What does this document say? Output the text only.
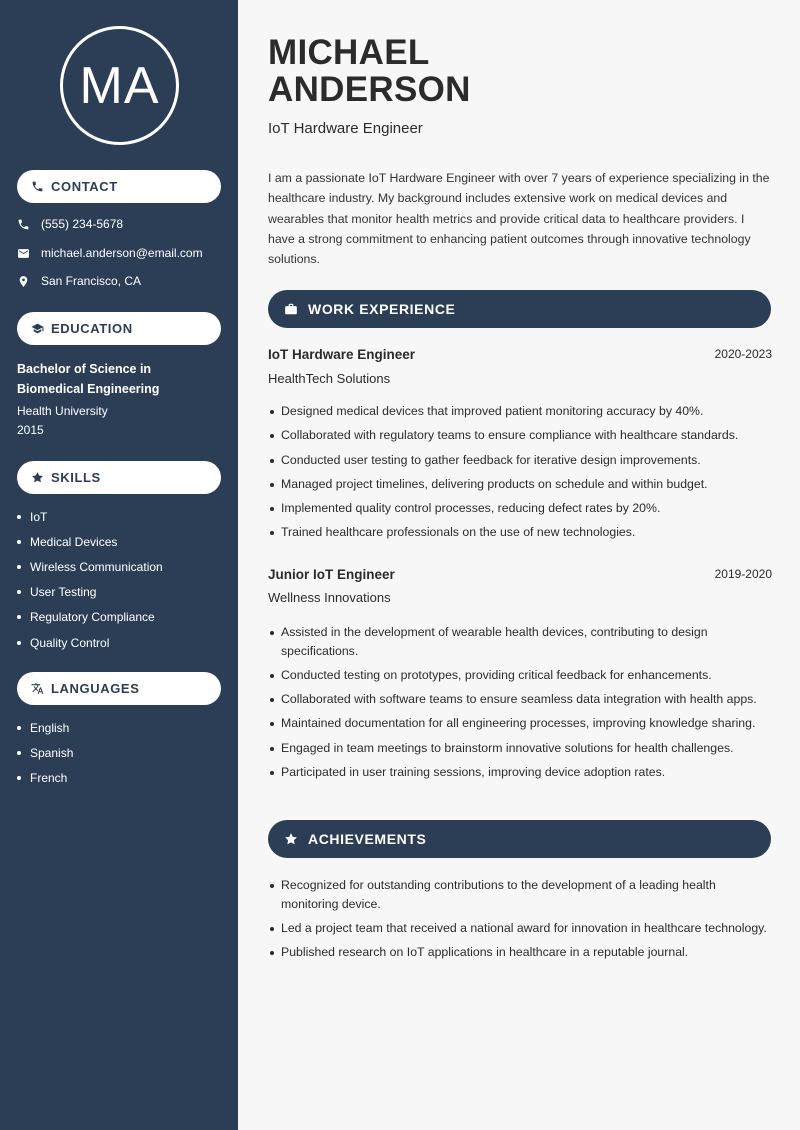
MA
CONTACT
(555) 234-5678
michael.anderson@email.com
San Francisco, CA
EDUCATION
Bachelor of Science in Biomedical Engineering
Health University
2015
SKILLS
IoT
Medical Devices
Wireless Communication
User Testing
Regulatory Compliance
Quality Control
LANGUAGES
English
Spanish
French
MICHAEL
ANDERSON
IoT Hardware Engineer

I am a passionate IoT Hardware Engineer with over 7 years of experience specializing in the healthcare industry. My background includes extensive work on medical devices and wearables that monitor health metrics and provide critical data to healthcare providers. I have a strong commitment to enhancing patient outcomes through innovative technology solutions.

WORK EXPERIENCE
IoT Hardware Engineer	2020-2023
HealthTech Solutions
Designed medical devices that improved patient monitoring accuracy by 40%.
Collaborated with regulatory teams to ensure compliance with healthcare standards.
Conducted user testing to gather feedback for iterative design improvements.
Managed project timelines, delivering products on schedule and within budget.
Implemented quality control processes, reducing defect rates by 20%.
Trained healthcare professionals on the use of new technologies.
Junior IoT Engineer	2019-2020
Wellness Innovations
Assisted in the development of wearable health devices, contributing to design specifications.
Conducted testing on prototypes, providing critical feedback for enhancements.
Collaborated with software teams to ensure seamless data integration with health apps.
Maintained documentation for all engineering processes, improving knowledge sharing.
Engaged in team meetings to brainstorm innovative solutions for health challenges.
Participated in user training sessions, improving device adoption rates.
ACHIEVEMENTS
Recognized for outstanding contributions to the development of a leading health monitoring device.
Led a project team that received a national award for innovation in healthcare technology.
Published research on IoT applications in healthcare in a reputable journal.
